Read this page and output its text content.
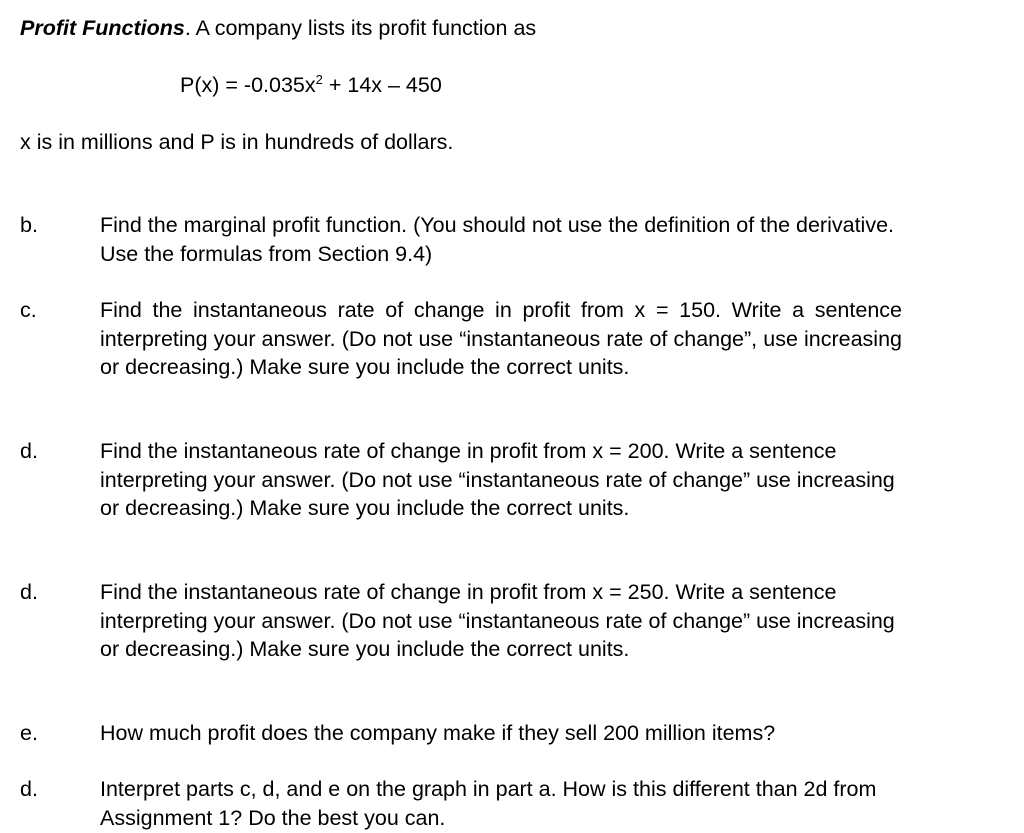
Profit Functions. A company lists its profit function as
$P(x) = -0.035x^2 + 14x - 450$
x is in millions and P is in hundreds of dollars.
b.	Find the marginal profit function. (You should not use the definition of the derivative. Use the formulas from Section 9.4)
c.	Find the instantaneous rate of change in profit from x = 150. Write a sentence interpreting your answer. (Do not use “instantaneous rate of change”, use increasing or decreasing.) Make sure you include the correct units.
d.	Find the instantaneous rate of change in profit from x = 200. Write a sentence interpreting your answer. (Do not use “instantaneous rate of change” use increasing or decreasing.) Make sure you include the correct units.
d.	Find the instantaneous rate of change in profit from x = 250. Write a sentence interpreting your answer. (Do not use “instantaneous rate of change” use increasing or decreasing.) Make sure you include the correct units.
e.	How much profit does the company make if they sell 200 million items?
d.	Interpret parts c, d, and e on the graph in part a. How is this different than 2d from Assignment 1? Do the best you can.
